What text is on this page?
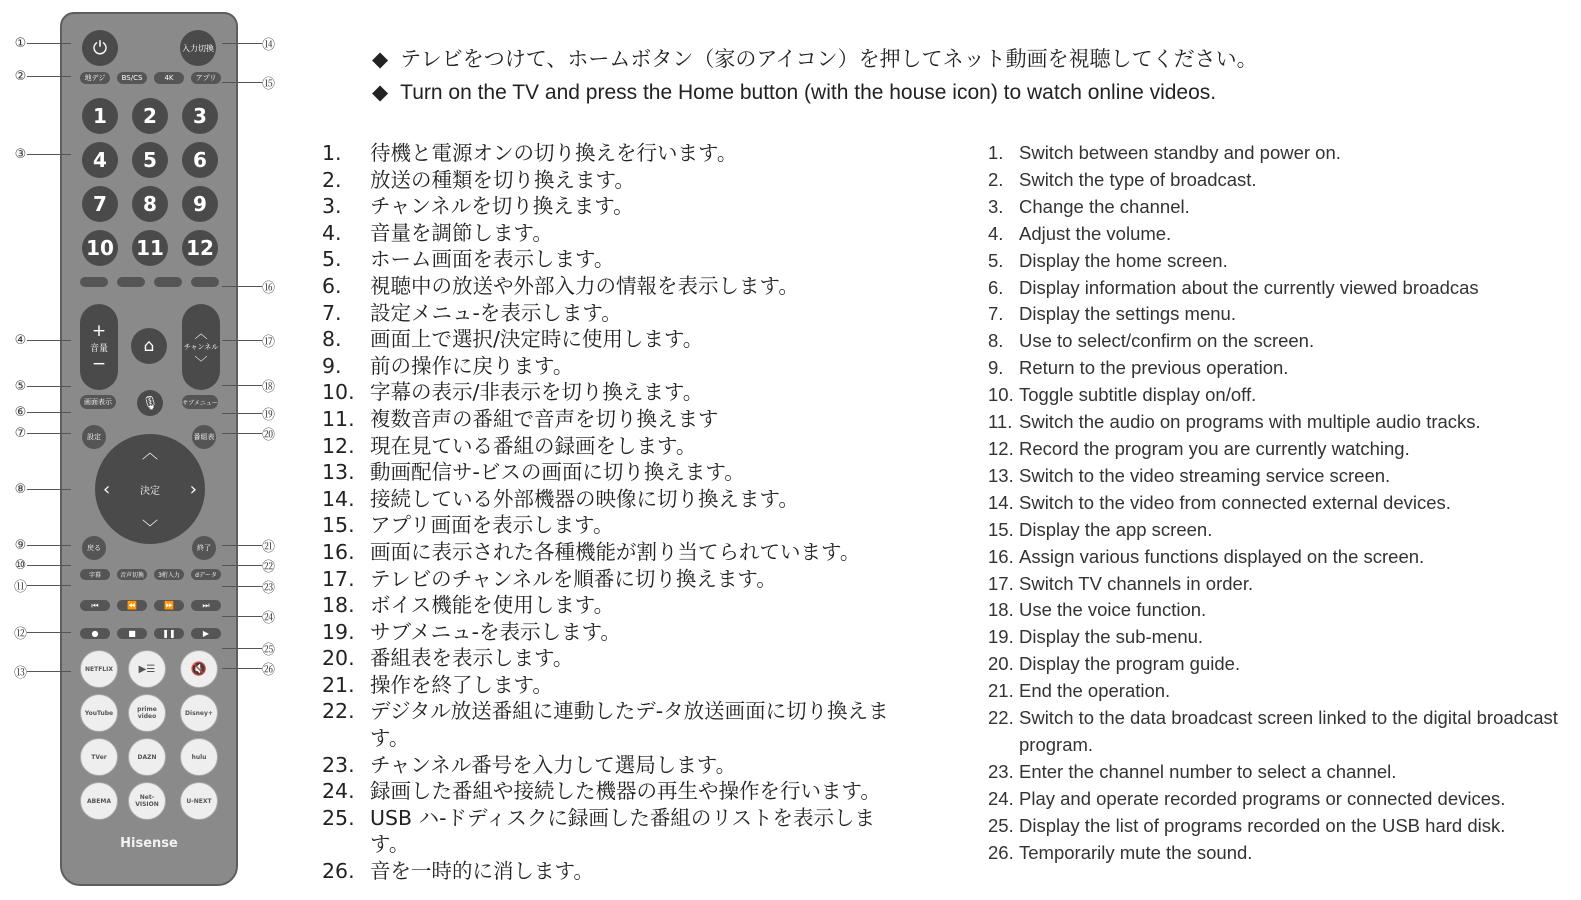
⏻	入力切換
地デジ BS/CS	4K	アプリ
1	2	3
4	5	6
7	8	9
10 11 12
+
音量
−
︿
チャンネル
﹀
⌂
🎙
画面表示	サブメニュー
設定	番組表
︿
﹀
‹	›
決定
戻る	終了
字幕	音声切換 3桁入力	dデータ
⏮	⏪	⏩	⏭
●	■	❚❚	▶
NETFLIX	▶☰	🔇
YouTube	prime video	Disney+
TVer	DAZN	hulu
ABEMA	Net-VISION	U-NEXT
Hisense
①
②
③
④
⑤
⑥
⑦
⑧
⑨
⑩
⑪
⑫
⑬
⑭
⑮
⑯
⑰
⑱
⑲
⑳
㉑
㉒
㉓
㉔
㉕
㉖
◆ テレビをつけて、ホームボタン（家のアイコン）を押してネット動画を視聴してください。
◆ Turn on the TV and press the Home button (with the house icon) to watch online videos.
1.	待機と電源オンの切り換えを行います。
2.	放送の種類を切り換えます。
3.	チャンネルを切り換えます。
4.	音量を調節します。
5.	ホーム画面を表示します。
6.	視聴中の放送や外部入力の情報を表示します。
7.	設定メニュ-を表示します。
8.	画面上で選択/決定時に使用します。
9.	前の操作に戻ります。
10. 字幕の表示/非表示を切り換えます。
11. 複数音声の番組で音声を切り換えます
12. 現在見ている番組の録画をします。
13. 動画配信サ-ビスの画面に切り換えます。
14. 接続している外部機器の映像に切り換えます。
15. アプリ画面を表示します。
16. 画面に表示された各種機能が割り当てられています。
17. テレビのチャンネルを順番に切り換えます。
18. ボイス機能を使用します。
19. サブメニュ-を表示します。
20. 番組表を表示します。
21. 操作を終了します。
22. デジタル放送番組に連動したデ-タ放送画面に切り換えます。
23. チャンネル番号を入力して選局します。
24. 録画した番組や接続した機器の再生や操作を行います。
25. USB ハ-ドディスクに録画した番組のリストを表示します。
26. 音を一時的に消します。
1. Switch between standby and power on.
2. Switch the type of broadcast.
3. Change the channel.
4. Adjust the volume.
5. Display the home screen.
6. Display information about the currently viewed broadcas
7. Display the settings menu.
8. Use to select/confirm on the screen.
9. Return to the previous operation.
10. Toggle subtitle display on/off.
11. Switch the audio on programs with multiple audio tracks.
12. Record the program you are currently watching.
13. Switch to the video streaming service screen.
14. Switch to the video from connected external devices.
15. Display the app screen.
16. Assign various functions displayed on the screen.
17. Switch TV channels in order.
18. Use the voice function.
19. Display the sub-menu.
20. Display the program guide.
21. End the operation.
22. Switch to the data broadcast screen linked to the digital broadcast program.
23. Enter the channel number to select a channel.
24. Play and operate recorded programs or connected devices.
25. Display the list of programs recorded on the USB hard disk.
26. Temporarily mute the sound.
